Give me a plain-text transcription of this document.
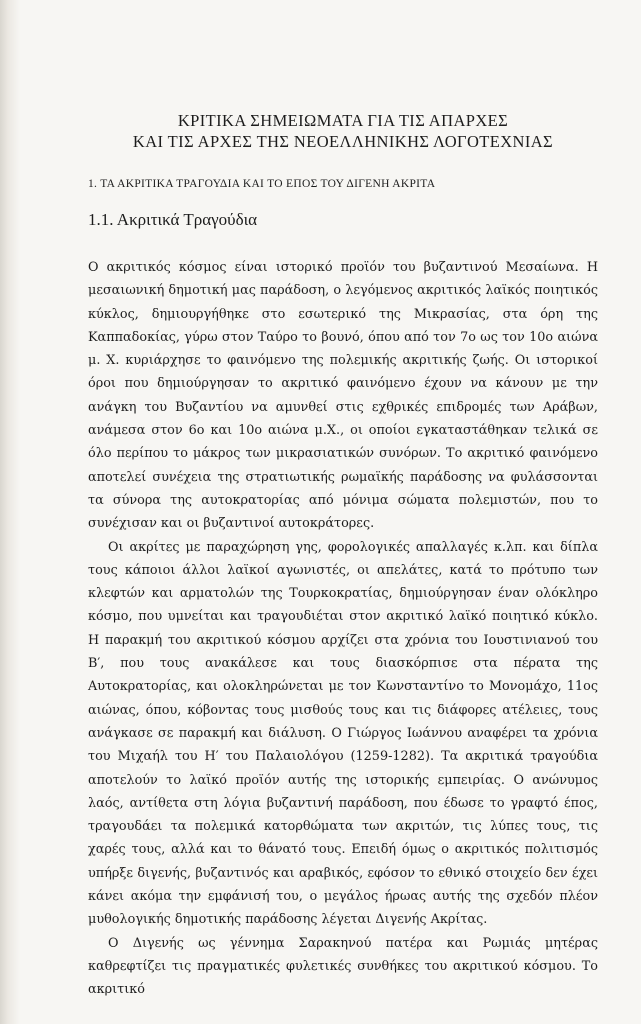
ΚΡΙΤΙΚΑ ΣΗΜΕΙΩΜΑΤΑ ΓΙΑ ΤΙΣ ΑΠΑΡΧΕΣ
ΚΑΙ ΤΙΣ ΑΡΧΕΣ ΤΗΣ ΝΕΟΕΛΛΗΝΙΚΗΣ ΛΟΓΟΤΕΧΝΙΑΣ
1. ΤΑ ΑΚΡΙΤΙΚΑ ΤΡΑΓΟΥΔΙΑ ΚΑΙ ΤΟ ΕΠΟΣ ΤΟΥ ΔΙΓΕΝΗ ΑΚΡΙΤΑ
1.1. Ακριτικά Τραγούδια

Ο ακριτικός κόσμος είναι ιστορικό προϊόν του βυζαντινού Μεσαίωνα. Η μεσαιωνική δημοτική μας παράδοση, ο λεγόμενος ακριτικός λαϊκός ποιητικός κύκλος, δημιουργήθηκε στο εσωτερικό της Μικρασίας, στα όρη της Καππαδοκίας, γύρω στον Ταύρο το βουνό, όπου από τον 7ο ως τον 10ο αιώνα μ. Χ. κυριάρχησε το φαινόμενο της πολεμικής ακριτικής ζωής. Οι ιστορικοί όροι που δημιούργησαν το ακριτικό φαινόμενο έχουν να κάνουν με την ανάγκη του Βυζαντίου να αμυνθεί στις εχθρικές επιδρομές των Αράβων, ανάμεσα στον 6ο και 10ο αιώνα μ.Χ., οι οποίοι εγκαταστάθηκαν τελικά σε όλο περίπου το μάκρος των μικρασιατικών συνόρων. Το ακριτικό φαινόμενο αποτελεί συνέχεια της στρατιωτικής ρωμαϊκής παράδοσης να φυλάσσονται τα σύνορα της αυτοκρατορίας από μόνιμα σώματα πολεμιστών, που το συνέχισαν και οι βυζαντινοί αυτοκράτορες.

Οι ακρίτες με παραχώρηση γης, φορολογικές απαλλαγές κ.λπ. και δίπλα τους κάποιοι άλλοι λαϊκοί αγωνιστές, οι απελάτες, κατά το πρότυπο των κλεφτών και αρματολών της Τουρκοκρατίας, δημιούργησαν έναν ολόκληρο κόσμο, που υμνείται και τραγουδιέται στον ακριτικό λαϊκό ποιητικό κύκλο. Η παρακμή του ακριτικού κόσμου αρχίζει στα χρόνια του Ιουστινιανού του Β′, που τους ανακάλεσε και τους διασκόρπισε στα πέρατα της Αυτοκρατορίας, και ολοκληρώνεται με τον Κωνσταντίνο το Μονομάχο, 11ος αιώνας, όπου, κόβοντας τους μισθούς τους και τις διάφορες ατέλειες, τους ανάγκασε σε παρακμή και διάλυση. Ο Γιώργος Ιωάννου αναφέρει τα χρόνια του Μιχαήλ του Η′ του Παλαιολόγου (1259-1282). Τα ακριτικά τραγούδια αποτελούν το λαϊκό προϊόν αυτής της ιστορικής εμπειρίας. Ο ανώνυμος λαός, αντίθετα στη λόγια βυζαντινή παράδοση, που έδωσε το γραφτό έπος, τραγουδάει τα πολεμικά κατορθώματα των ακριτών, τις λύπες τους, τις χαρές τους, αλλά και το θάνατό τους. Επειδή όμως ο ακριτικός πολιτισμός υπήρξε διγενής, βυζαντινός και αραβικός, εφόσον το εθνικό στοιχείο δεν έχει κάνει ακόμα την εμφάνισή του, ο μεγάλος ήρωας αυτής της σχεδόν πλέον μυθολογικής δημοτικής παράδοσης λέγεται Διγενής Ακρίτας.

Ο Διγενής ως γέννημα Σαρακηνού πατέρα και Ρωμιάς μητέρας καθρεφτίζει τις πραγματικές φυλετικές συνθήκες του ακριτικού κόσμου. Το ακριτικό
